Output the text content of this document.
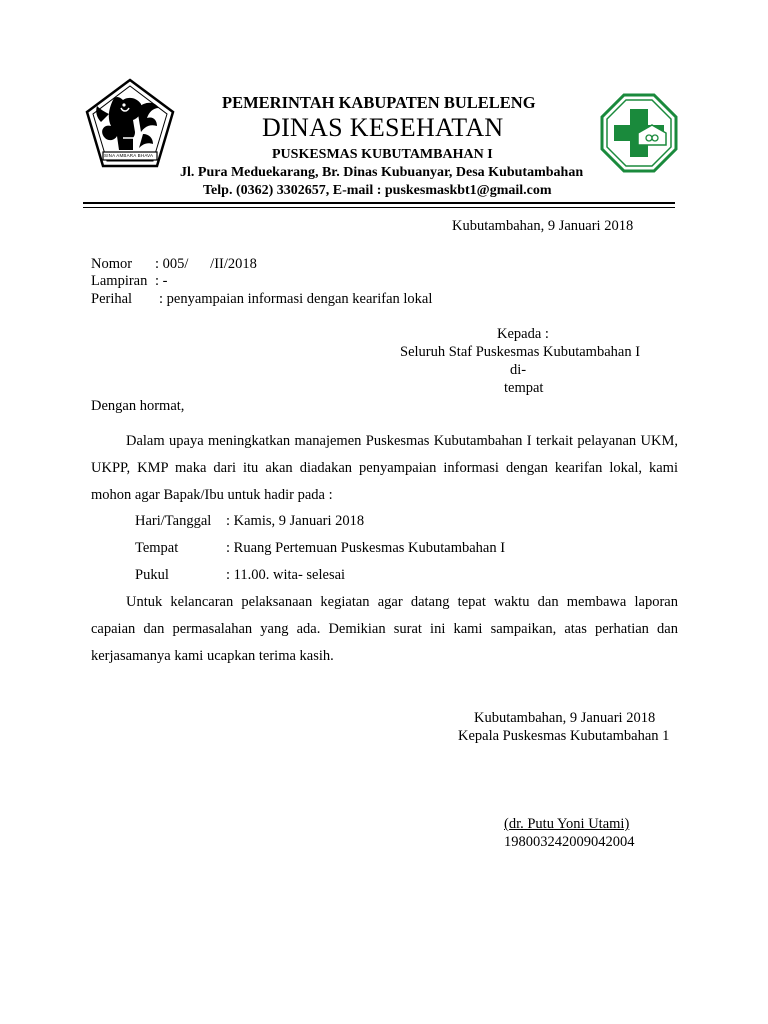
SINA AMBARA BHAVA
PEMERINTAH KABUPATEN BULELENG
DINAS KESEHATAN
PUSKESMAS KUBUTAMBAHAN I
Jl. Pura Meduekarang, Br. Dinas Kubuanyar, Desa Kubutambahan
Telp. (0362) 3302657, E-mail : puskesmaskbt1@gmail.com
Kubutambahan, 9 Januari 2018
Nomor : 005/      /II/2018
Lampiran : -
Perihal : penyampaian informasi dengan kearifan lokal
Kepada :
Seluruh Staf Puskesmas Kubutambahan I
di-
tempat
Dengan hormat,
Dalam upaya meningkatkan manajemen Puskesmas Kubutambahan I terkait pelayanan UKM, UKPP, KMP maka dari itu akan diadakan penyampaian informasi dengan kearifan lokal, kami mohon agar Bapak/Ibu untuk hadir pada :
Hari/Tanggal : Kamis, 9 Januari 2018
Tempat	: Ruang Pertemuan Puskesmas Kubutambahan I
Pukul	: 11.00. wita- selesai
Untuk kelancaran pelaksanaan kegiatan agar datang tepat waktu dan membawa laporan capaian dan permasalahan yang ada. Demikian surat ini kami sampaikan, atas perhatian dan kerjasamanya kami ucapkan terima kasih.
Kubutambahan, 9 Januari 2018
Kepala Puskesmas Kubutambahan 1
(dr. Putu Yoni Utami)
198003242009042004
